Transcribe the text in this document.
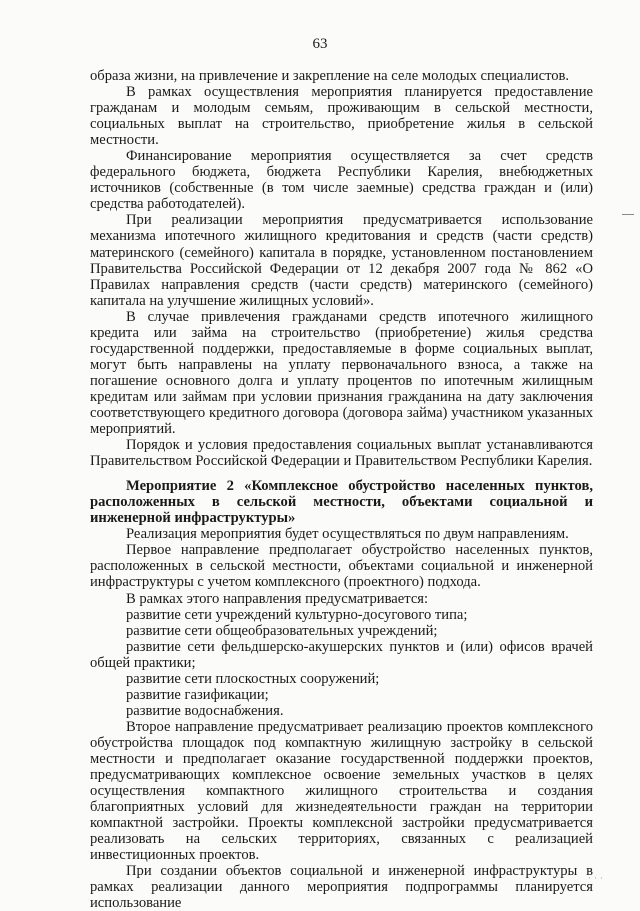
63

образа жизни, на привлечение и закрепление на селе молодых специалистов.

В рамках осуществления мероприятия планируется предоставление гражданам и молодым семьям, проживающим в сельской местности, социальных выплат на строительство, приобретение жилья в сельской местности.

Финансирование мероприятия осуществляется за счет средств федерального бюджета, бюджета Республики Карелия, внебюджетных источников (собственные (в том числе заемные) средства граждан и (или) средства работодателей).

При реализации мероприятия предусматривается использование механизма ипотечного жилищного кредитования и средств (части средств) материнского (семейного) капитала в порядке, установленном постановлением Правительства Российской Федерации от 12 декабря 2007 года № 862 «О Правилах направления средств (части средств) материнского (семейного) капитала на улучшение жилищных условий».

В случае привлечения гражданами средств ипотечного жилищного кредита или займа на строительство (приобретение) жилья средства государственной поддержки, предоставляемые в форме социальных выплат, могут быть направлены на уплату первоначального взноса, а также на погашение основного долга и уплату процентов по ипотечным жилищным кредитам или займам при условии признания гражданина на дату заключения соответствующего кредитного договора (договора займа) участником указанных мероприятий.

Порядок и условия предоставления социальных выплат устанавливаются Правительством Российской Федерации и Правительством Республики Карелия.

Мероприятие 2 «Комплексное обустройство населенных пунктов, расположенных в сельской местности, объектами социальной и инженерной инфраструктуры»

Реализация мероприятия будет осуществляться по двум направлениям.

Первое направление предполагает обустройство населенных пунктов, расположенных в сельской местности, объектами социальной и инженерной инфраструктуры с учетом комплексного (проектного) подхода.

В рамках этого направления предусматривается:

развитие сети учреждений культурно-досугового типа;

развитие сети общеобразовательных учреждений;

развитие сети фельдшерско-акушерских пунктов и (или) офисов врачей общей практики;

развитие сети плоскостных сооружений;

развитие газификации;

развитие водоснабжения.

Второе направление предусматривает реализацию проектов комплексного обустройства площадок под компактную жилищную застройку в сельской местности и предполагает оказание государственной поддержки проектов, предусматривающих комплексное освоение земельных участков в целях осуществления компактного жилищного строительства и создания благоприятных условий для жизнедеятельности граждан на территории компактной застройки. Проекты комплексной застройки предусматривается реализовать на сельских территориях, связанных с реализацией инвестиционных проектов.

При создании объектов социальной и инженерной инфраструктуры в рамках реализации данного мероприятия подпрограммы планируется использование

···
